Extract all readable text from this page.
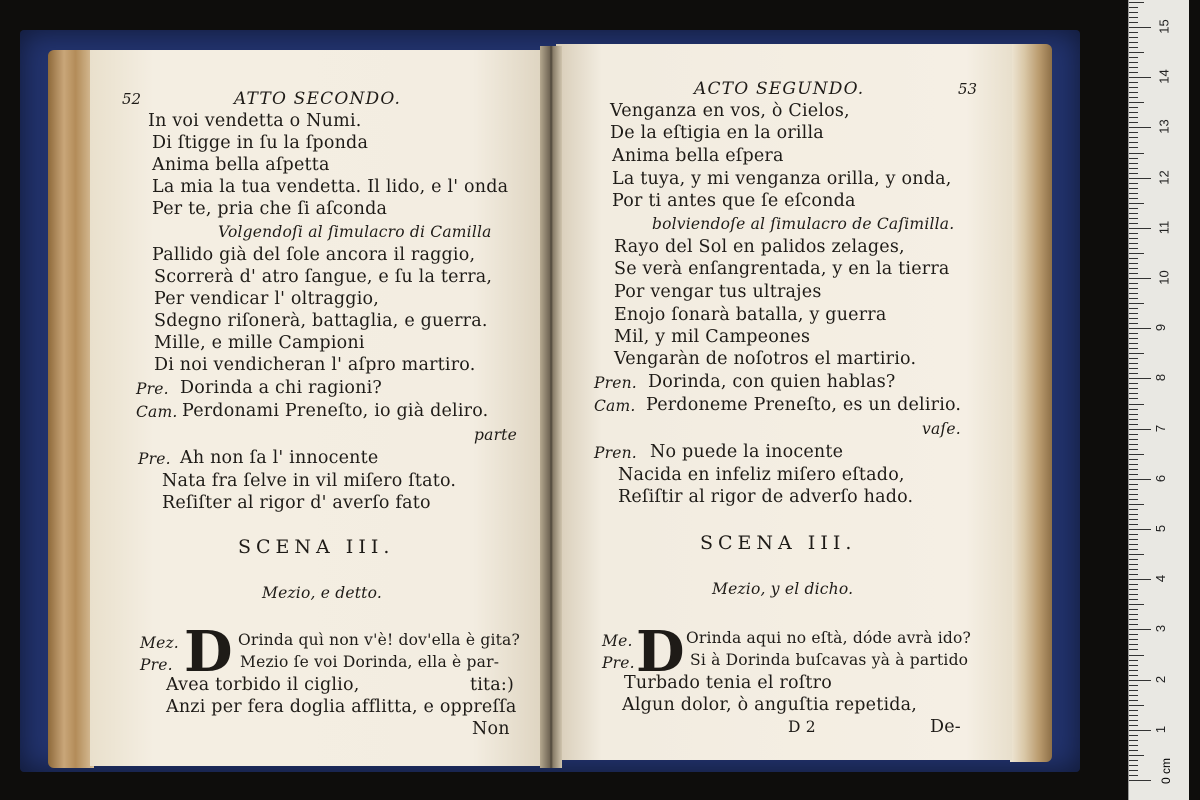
52	ATTO SECONDO.
In voi vendetta o Numi.
Di ſtigge in ſu la ſponda
Anima bella aſpetta
La mia la tua vendetta. Il lido, e l' onda
Per te, pria che ſi aſconda
Volgendoſi al ſimulacro di Camilla
Pallido già del ſole ancora il raggio,
Scorrerà d' atro ſangue, e ſu la terra,
Per vendicar l' oltraggio,
Sdegno riſonerà, battaglia, e guerra.
Mille, e mille Campioni
Di noi vendicheran l' aſpro martiro.
Pre. Dorinda a chi ragioni?
Cam. Perdonami Preneſto, io già deliro.
parte
Pre. Ah non ſa l' innocente
Nata fra ſelve in vil miſero ſtato.
Reſiſter al rigor d' averſo fato
SCENA III.
Mezio, e detto.
D
Mez.	Orinda quì non v'è! dov'ella è gita?
Pre.	Mezio ſe voi Dorinda, ella è par-
Avea torbido il ciglio,	tita:)
Anzi per fera doglia afflitta, e oppreſſa
Non
ACTO SEGUNDO.	53
Venganza en vos, ò Cielos,
De la eſtigia en la orilla
Anima bella eſpera
La tuya, y mi venganza orilla, y onda,
Por ti antes que ſe eſconda
bolviendoſe al ſimulacro de Caſimilla.
Rayo del Sol en palidos zelages,
Se verà enſangrentada, y en la tierra
Por vengar tus ultrajes
Enojo ſonarà batalla, y guerra
Mil, y mil Campeones
Vengaràn de noſotros el martirio.
Pren. Dorinda, con quien hablas?
Cam. Perdoneme Preneſto, es un delirio.
vaſe.
Pren. No puede la inocente
Nacida en infeliz miſero eſtado,
Reſiſtir al rigor de adverſo hado.
SCENA III.
Mezio, y el dicho.
D
Me.	Orinda aqui no eſtà, dóde avrà ido?
Pre.	Si à Dorinda buſcavas yà à partido
Turbado tenia el roſtro
Algun dolor, ò anguſtia repetida,
D 2	De-	1
2
3
4
5
6
7
8
9
10
11
12
13
14
15
0 cm
